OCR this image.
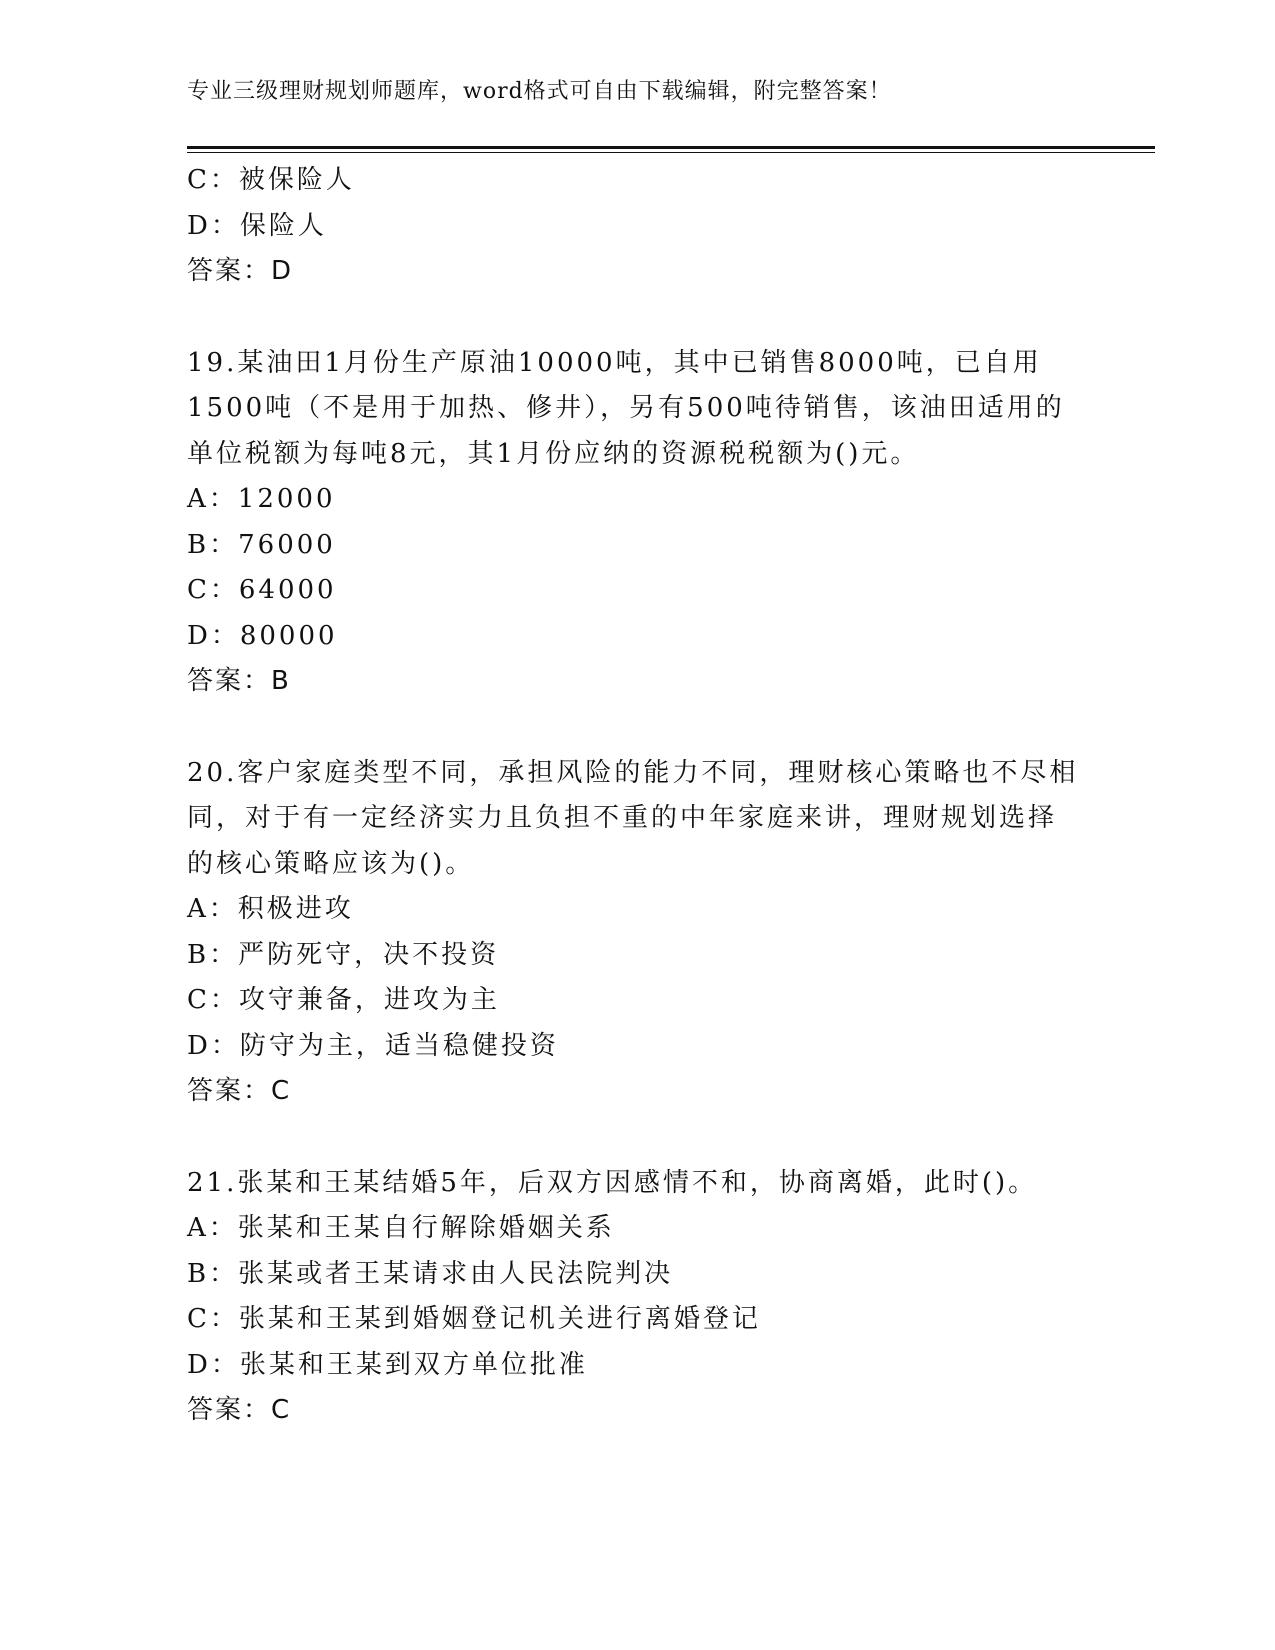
专业三级理财规划师题库，word格式可自由下载编辑，附完整答案！
C：被保险人
D：保险人
答案：D
19.某油田1月份生产原油10000吨，其中已销售8000吨，已自用
1500吨（不是用于加热、修井），另有500吨待销售，该油田适用的
单位税额为每吨8元，其1月份应纳的资源税税额为()元。
A：12000
B：76000
C：64000
D：80000
答案：B
20.客户家庭类型不同，承担风险的能力不同，理财核心策略也不尽相
同，对于有一定经济实力且负担不重的中年家庭来讲，理财规划选择
的核心策略应该为()。
A：积极进攻
B：严防死守，决不投资
C：攻守兼备，进攻为主
D：防守为主，适当稳健投资
答案：C
21.张某和王某结婚5年，后双方因感情不和，协商离婚，此时()。
A：张某和王某自行解除婚姻关系
B：张某或者王某请求由人民法院判决
C：张某和王某到婚姻登记机关进行离婚登记
D：张某和王某到双方单位批准
答案：C
